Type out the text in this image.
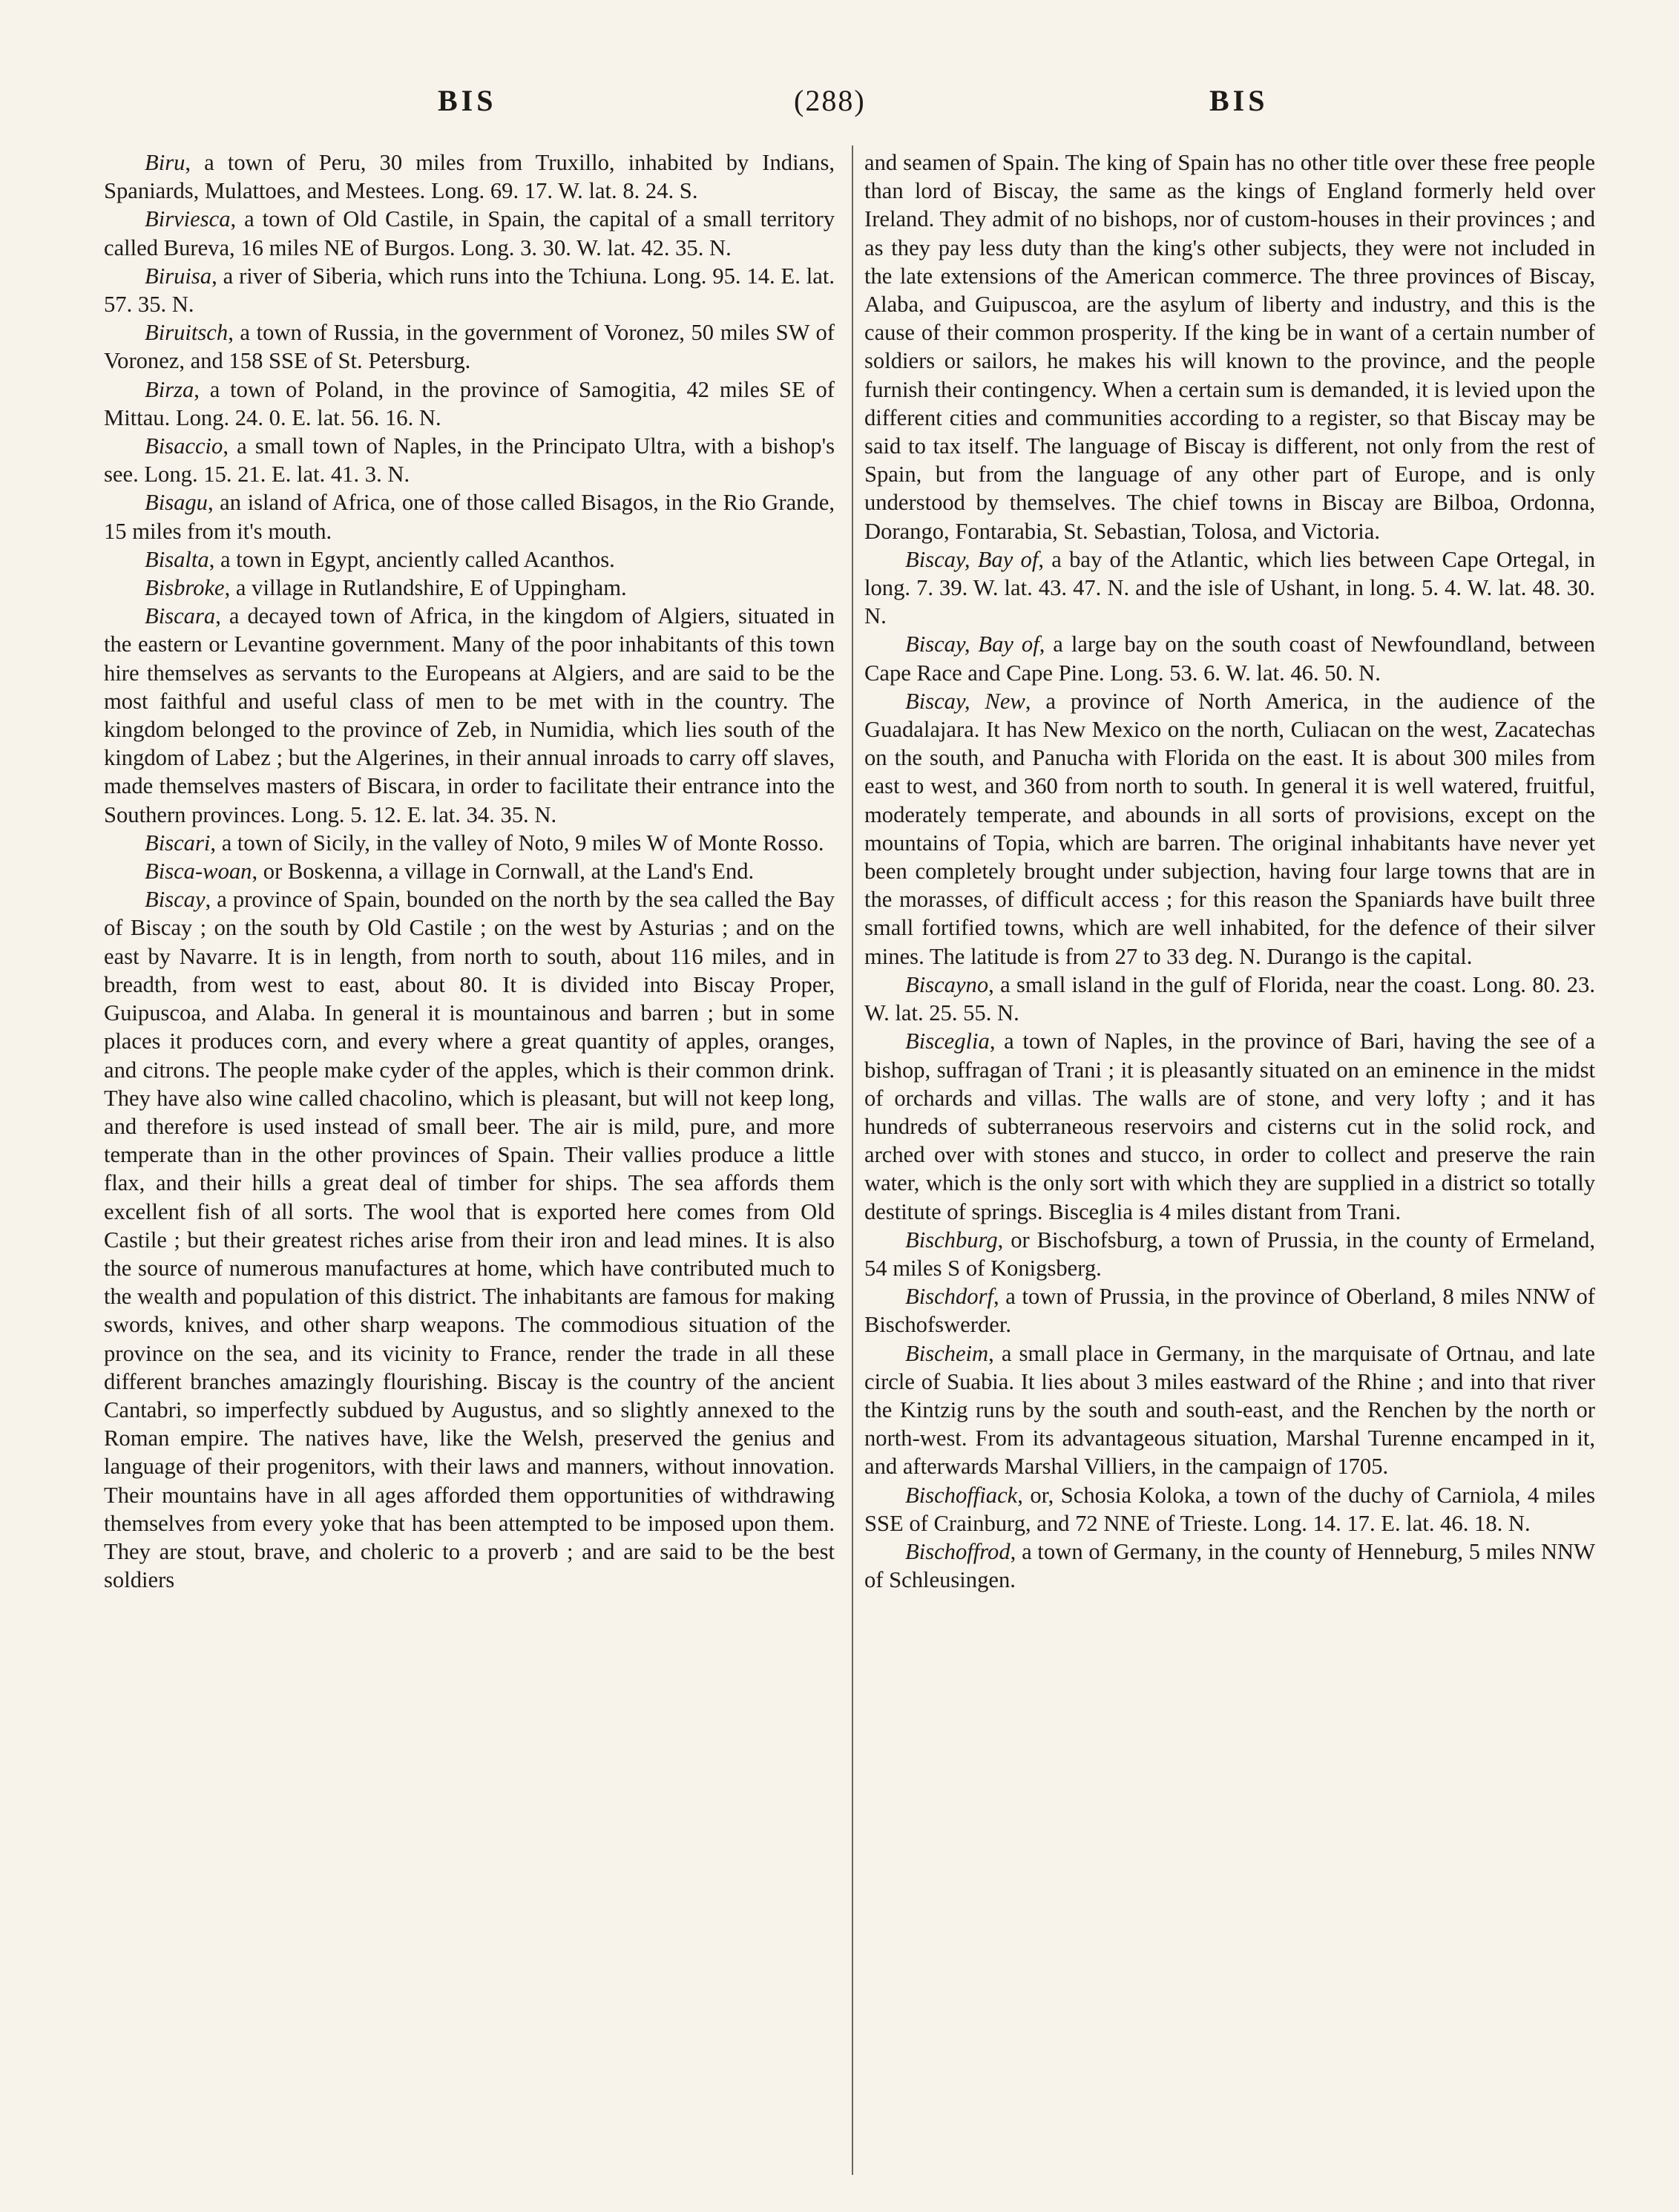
BIS	(288)	BIS

Biru, a town of Peru, 30 miles from Truxillo, inhabited by Indians, Spaniards, Mulattoes, and Mestees. Long. 69. 17. W. lat. 8. 24. S.

Birviesca, a town of Old Castile, in Spain, the capital of a small territory called Bureva, 16 miles NE of Burgos. Long. 3. 30. W. lat. 42. 35. N.

Biruisa, a river of Siberia, which runs into the Tchiuna. Long. 95. 14. E. lat. 57. 35. N.

Biruitsch, a town of Russia, in the government of Voronez, 50 miles SW of Voronez, and 158 SSE of St. Petersburg.

Birza, a town of Poland, in the province of Samogitia, 42 miles SE of Mittau. Long. 24. 0. E. lat. 56. 16. N.

Bisaccio, a small town of Naples, in the Principato Ultra, with a bishop's see. Long. 15. 21. E. lat. 41. 3. N.

Bisagu, an island of Africa, one of those called Bisagos, in the Rio Grande, 15 miles from it's mouth.

Bisalta, a town in Egypt, anciently called Acanthos.

Bisbroke, a village in Rutlandshire, E of Uppingham.

Biscara, a decayed town of Africa, in the kingdom of Algiers, situated in the eastern or Levantine government. Many of the poor inhabitants of this town hire themselves as servants to the Europeans at Algiers, and are said to be the most faithful and useful class of men to be met with in the country. The kingdom belonged to the province of Zeb, in Numidia, which lies south of the kingdom of Labez ; but the Algerines, in their annual inroads to carry off slaves, made themselves masters of Biscara, in order to facilitate their entrance into the Southern provinces. Long. 5. 12. E. lat. 34. 35. N.

Biscari, a town of Sicily, in the valley of Noto, 9 miles W of Monte Rosso.

Bisca-woan, or Boskenna, a village in Cornwall, at the Land's End.

Biscay, a province of Spain, bounded on the north by the sea called the Bay of Biscay ; on the south by Old Castile ; on the west by Asturias ; and on the east by Navarre. It is in length, from north to south, about 116 miles, and in breadth, from west to east, about 80. It is divided into Biscay Proper, Guipuscoa, and Alaba. In general it is mountainous and barren ; but in some places it produces corn, and every where a great quantity of apples, oranges, and citrons. The people make cyder of the apples, which is their common drink. They have also wine called chacolino, which is pleasant, but will not keep long, and therefore is used instead of small beer. The air is mild, pure, and more temperate than in the other provinces of Spain. Their vallies produce a little flax, and their hills a great deal of timber for ships. The sea affords them excellent fish of all sorts. The wool that is exported here comes from Old Castile ; but their greatest riches arise from their iron and lead mines. It is also the source of numerous manufactures at home, which have contributed much to the wealth and population of this district. The inhabitants are famous for making swords, knives, and other sharp weapons. The commodious situation of the province on the sea, and its vicinity to France, render the trade in all these different branches amazingly flourishing. Biscay is the country of the ancient Cantabri, so imperfectly subdued by Augustus, and so slightly annexed to the Roman empire. The natives have, like the Welsh, preserved the genius and language of their progenitors, with their laws and manners, without innovation. Their mountains have in all ages afforded them opportunities of withdrawing themselves from every yoke that has been attempted to be imposed upon them. They are stout, brave, and choleric to a proverb ; and are said to be the best soldiers

and seamen of Spain. The king of Spain has no other title over these free people than lord of Biscay, the same as the kings of England formerly held over Ireland. They admit of no bishops, nor of custom-houses in their provinces ; and as they pay less duty than the king's other subjects, they were not included in the late extensions of the American commerce. The three provinces of Biscay, Alaba, and Guipuscoa, are the asylum of liberty and industry, and this is the cause of their common prosperity. If the king be in want of a certain number of soldiers or sailors, he makes his will known to the province, and the people furnish their contingency. When a certain sum is demanded, it is levied upon the different cities and communities according to a register, so that Biscay may be said to tax itself. The language of Biscay is different, not only from the rest of Spain, but from the language of any other part of Europe, and is only understood by themselves. The chief towns in Biscay are Bilboa, Ordonna, Dorango, Fontarabia, St. Sebastian, Tolosa, and Victoria.

Biscay, Bay of, a bay of the Atlantic, which lies between Cape Ortegal, in long. 7. 39. W. lat. 43. 47. N. and the isle of Ushant, in long. 5. 4. W. lat. 48. 30. N.

Biscay, Bay of, a large bay on the south coast of Newfoundland, between Cape Race and Cape Pine. Long. 53. 6. W. lat. 46. 50. N.

Biscay, New, a province of North America, in the audience of the Guadalajara. It has New Mexico on the north, Culiacan on the west, Zacatechas on the south, and Panucha with Florida on the east. It is about 300 miles from east to west, and 360 from north to south. In general it is well watered, fruitful, moderately temperate, and abounds in all sorts of provisions, except on the mountains of Topia, which are barren. The original inhabitants have never yet been completely brought under subjection, having four large towns that are in the morasses, of difficult access ; for this reason the Spaniards have built three small fortified towns, which are well inhabited, for the defence of their silver mines. The latitude is from 27 to 33 deg. N. Durango is the capital.

Biscayno, a small island in the gulf of Florida, near the coast. Long. 80. 23. W. lat. 25. 55. N.

Bisceglia, a town of Naples, in the province of Bari, having the see of a bishop, suffragan of Trani ; it is pleasantly situated on an eminence in the midst of orchards and villas. The walls are of stone, and very lofty ; and it has hundreds of subterraneous reservoirs and cisterns cut in the solid rock, and arched over with stones and stucco, in order to collect and preserve the rain water, which is the only sort with which they are supplied in a district so totally destitute of springs. Bisceglia is 4 miles distant from Trani.

Bischburg, or Bischofsburg, a town of Prussia, in the county of Ermeland, 54 miles S of Konigsberg.

Bischdorf, a town of Prussia, in the province of Oberland, 8 miles NNW of Bischofswerder.

Bischeim, a small place in Germany, in the marquisate of Ortnau, and late circle of Suabia. It lies about 3 miles eastward of the Rhine ; and into that river the Kintzig runs by the south and south-east, and the Renchen by the north or north-west. From its advantageous situation, Marshal Turenne encamped in it, and afterwards Marshal Villiers, in the campaign of 1705.

Bischoffiack, or, Schosia Koloka, a town of the duchy of Carniola, 4 miles SSE of Crainburg, and 72 NNE of Trieste. Long. 14. 17. E. lat. 46. 18. N.

Bischoffrod, a town of Germany, in the county of Henneburg, 5 miles NNW of Schleusingen.
